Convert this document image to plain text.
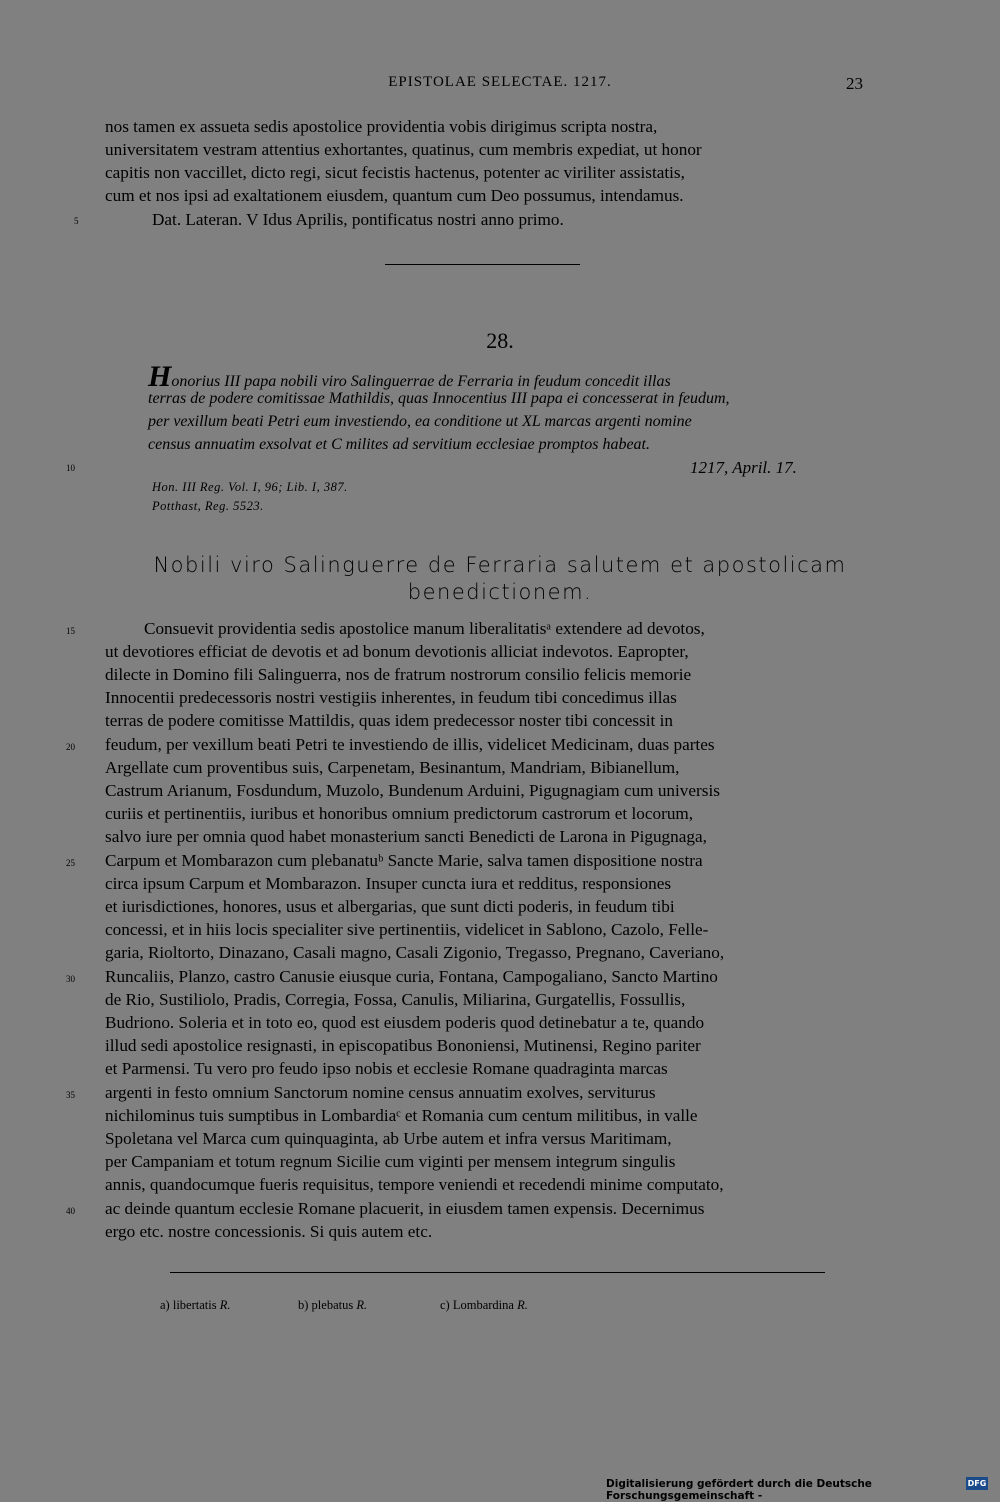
EPISTOLAE SELECTAE. 1217.	23
nos tamen ex assueta sedis apostolice providentia vobis dirigimus scripta nostra,
universitatem vestram attentius exhortantes, quatinus, cum membris expediat, ut honor
capitis non vaccillet, dicto regi, sicut fecistis hactenus, potenter ac viriliter assistatis,
cum et nos ipsi ad exaltationem eiusdem, quantum cum Deo possumus, intendamus.
Dat. Lateran. V Idus Aprilis, pontificatus nostri anno primo.
5
28.
Honorius III papa nobili viro Salinguerrae de Ferraria in feudum concedit illas
terras de podere comitissae Mathildis, quas Innocentius III papa ei concesserat in feudum,
per vexillum beati Petri eum investiendo, ea conditione ut XL marcas argenti nomine
census annuatim exsolvat et C milites ad servitium ecclesiae promptos habeat.
10	1217, April. 17.
Hon. III Reg. Vol. I, 96; Lib. I, 387.
Potthast, Reg. 5523.
Nobili viro Salinguerre de Ferraria salutem et apostolicam
benedictionem.
15	Consuevit providentia sedis apostolice manum liberalitatisᵃ extendere ad devotos,
ut devotiores efficiat de devotis et ad bonum devotionis alliciat indevotos. Eapropter,
dilecte in Domino fili Salinguerra, nos de fratrum nostrorum consilio felicis memorie
Innocentii predecessoris nostri vestigiis inherentes, in feudum tibi concedimus illas
terras de podere comitisse Mattildis, quas idem predecessor noster tibi concessit in
20 feudum, per vexillum beati Petri te investiendo de illis, videlicet Medicinam, duas partes
Argellate cum proventibus suis, Carpenetam, Besinantum, Mandriam, Bibianellum,
Castrum Arianum, Fosdundum, Muzolo, Bundenum Arduini, Pigugnagiam cum universis
curiis et pertinentiis, iuribus et honoribus omnium predictorum castrorum et locorum,
salvo iure per omnia quod habet monasterium sancti Benedicti de Larona in Pigugnaga,
25 Carpum et Mombarazon cum plebanatuᵇ Sancte Marie, salva tamen dispositione nostra
circa ipsum Carpum et Mombarazon. Insuper cuncta iura et redditus, responsiones
et iurisdictiones, honores, usus et albergarias, que sunt dicti poderis, in feudum tibi
concessi, et in hiis locis specialiter sive pertinentiis, videlicet in Sablono, Cazolo, Felle-
garia, Rioltorto, Dinazano, Casali magno, Casali Zigonio, Tregasso, Pregnano, Caveriano,
30 Runcaliis, Planzo, castro Canusie eiusque curia, Fontana, Campogaliano, Sancto Martino
de Rio, Sustiliolo, Pradis, Corregia, Fossa, Canulis, Miliarina, Gurgatellis, Fossullis,
Budriono. Soleria et in toto eo, quod est eiusdem poderis quod detinebatur a te, quando
illud sedi apostolice resignasti, in episcopatibus Bononiensi, Mutinensi, Regino pariter
et Parmensi. Tu vero pro feudo ipso nobis et ecclesie Romane quadraginta marcas
35 argenti in festo omnium Sanctorum nomine census annuatim exolves, serviturus
nichilominus tuis sumptibus in Lombardiaᶜ et Romania cum centum militibus, in valle
Spoletana vel Marca cum quinquaginta, ab Urbe autem et infra versus Maritimam,
per Campaniam et totum regnum Sicilie cum viginti per mensem integrum singulis
annis, quandocumque fueris requisitus, tempore veniendi et recedendi minime computato,
40 ac deinde quantum ecclesie Romane placuerit, in eiusdem tamen expensis. Decernimus
ergo etc. nostre concessionis. Si quis autem etc.
a) libertatis R.	b) plebatus R.	c) Lombardina R.
Digitalisierung gefördert durch die Deutsche Forschungsgemeinschaft -
DFG
